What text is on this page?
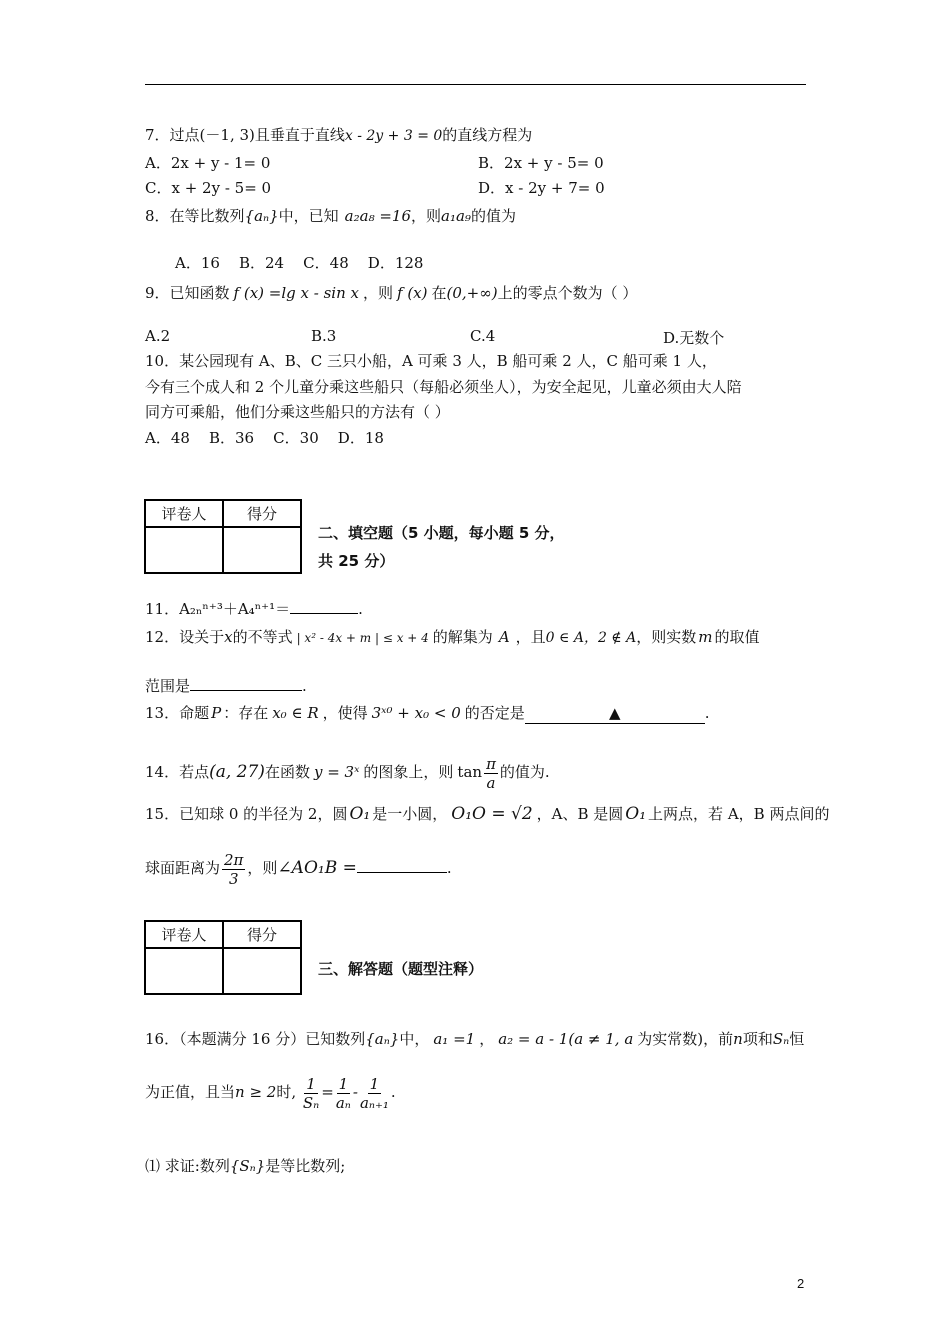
7．过点(－1, 3)且垂直于直线x - 2y + 3 = 0的直线方程为
A．2x + y - 1= 0	B．2x + y - 5= 0
C．x + 2y - 5= 0	D．x - 2y + 7= 0
8．在等比数列{aₙ}中，已知 a₂a₈ =16，则a₁a₉的值为
A．16    B．24    C．48    D．128
9．已知函数 f (x) =lg x - sin x ，则 f (x) 在(0,+∞)上的零点个数为（ ）
A.2	B.3	C.4	D.无数个
10．某公园现有 A、B、C 三只小船，A 可乘 3 人，B 船可乘 2 人，C 船可乘 1 人，
今有三个成人和 2 个儿童分乘这些船只（每船必须坐人），为安全起见，儿童必须由大人陪
同方可乘船，他们分乘这些船只的方法有（ ）
A．48    B．36    C．30    D．18
评卷人	得分

二、填空题（5 小题，每小题 5 分，
共 25 分）
11．A₂ₙⁿ⁺³＋A₄ⁿ⁺¹＝	.
12．设关于x的不等式 | x² - 4x + m | ≤ x + 4 的解集为 A ，且0 ∈ A，2 ∉ A，则实数 m 的取值
范围是	.
13．命题 P ：存在 x₀ ∈ R ，使得 3ˣ⁰ + x₀ < 0 的否定是	▲	.
14．若点(a, 27)在函数 y = 3ˣ 的图象上，则 $\tan \frac{\pi}{a}$ 的值为.
15．已知球 0 的半径为 2，圆 O₁ 是一小圆， O₁O = √2 ，A、B 是圆 O₁ 上两点，若 A，B 两点间的
球面距离为 $\frac{2\pi}{3}$ ，则∠AO₁B =	.
评卷人	得分

三、解答题（题型注释）
16．（本题满分 16 分）已知数列{aₙ}中， a₁ =1 ， a₂ = a - 1(a ≠ 1, a 为实常数)，前n项和Sₙ恒
为正值，且当n ≥ 2时, $\frac{1}{\text{Sₙ}} = \frac{1}{\text{aₙ}} - \frac{1}{\text{aₙ₊₁}}$ .
⑴ 求证:数列{Sₙ}是等比数列;
2
